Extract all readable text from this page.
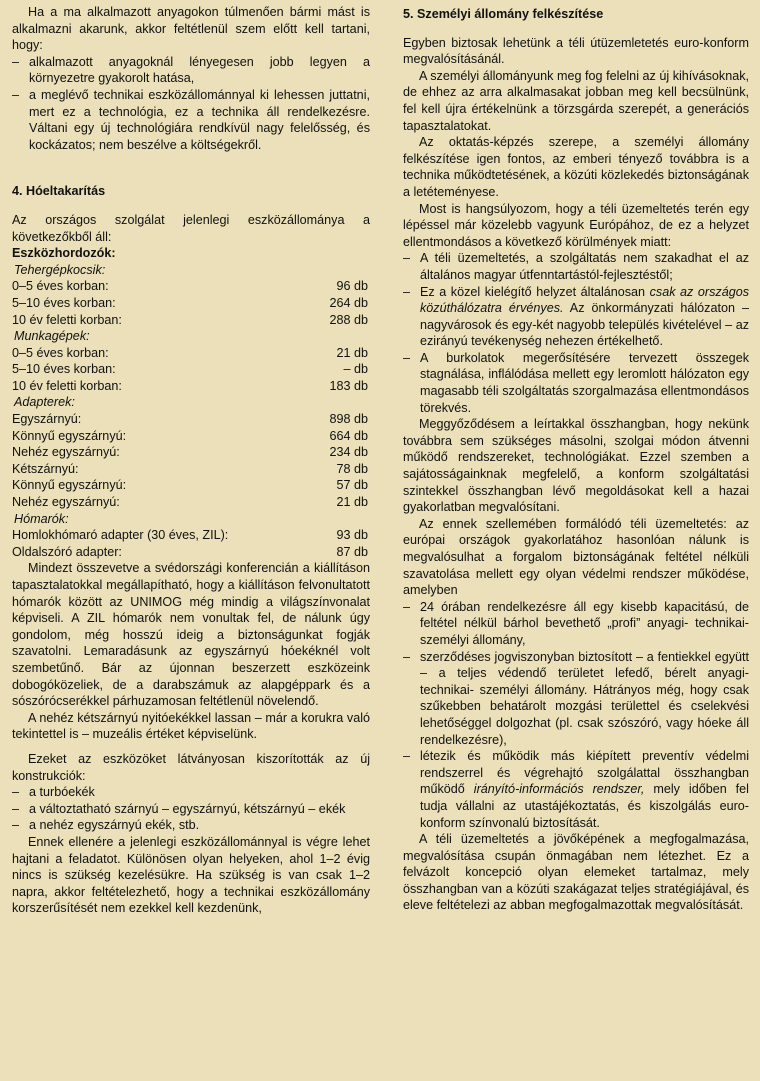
Ha a ma alkalmazott anyagokon túlmenően bármi mást is alkalmazni akarunk, akkor feltétlenül szem előtt kell tartani, hogy:

– alkalmazott anyagoknál lényegesen jobb legyen a környezetre gyakorolt hatása,
– a meglévő technikai eszközállománnyal ki lehessen juttatni, mert ez a technológia, ez a technika áll rendelkezésre. Váltani egy új technológiára rendkívül nagy felelősség, és kockázatos; nem beszélve a költségekről.
4. Hóeltakarítás

Az országos szolgálat jelenlegi eszközállománya a következőkből áll:

Eszközhordozók:
Tehergépkocsik:
0–5 éves korban:	96 db
5–10 éves korban:	264 db
10 év feletti korban:	288 db
Munkagépek:
0–5 éves korban:	21 db
5–10 éves korban:	– db
10 év feletti korban:	183 db
Adapterek:
Egyszárnyú:	898 db
Könnyű egyszárnyú:	664 db
Nehéz egyszárnyú:	234 db
Kétszárnyú:	78 db
Könnyű egyszárnyú:	57 db
Nehéz egyszárnyú:	21 db
Hómarók:
Homlokhómaró adapter (30 éves, ZIL):	93 db
Oldalszóró adapter:	87 db

Mindezt összevetve a svédországi konferencián a kiállításon tapasztalatokkal megállapítható, hogy a kiállításon felvonultatott hómarók között az UNIMOG még mindig a világszínvonalat képviseli. A ZIL hómarók nem vonultak fel, de nálunk úgy gondolom, még hosszú ideig a biztonságunkat fogják szavatolni. Lemaradásunk az egyszárnyú hóekéknél volt szembetűnő. Bár az újonnan beszerzett eszközeink dobogóközeliek, de a darabszámuk az alapgéppark és a sószórócserékkel párhuzamosan feltétlenül növelendő.

A nehéz kétszárnyú nyitóekékkel lassan – már a korukra való tekintettel is – muzeális értéket képviselünk.

Ezeket az eszközöket látványosan kiszorították az új konstrukciók:

– a turbóekék
– a változtatható szárnyú – egyszárnyú, kétszárnyú – ekék
– a nehéz egyszárnyú ekék, stb.

Ennek ellenére a jelenlegi eszközállománnyal is végre lehet hajtani a feladatot. Különösen olyan helyeken, ahol 1–2 évig nincs is szükség kezelésükre. Ha szükség is van csak 1–2 napra, akkor feltételezhető, hogy a technikai eszközállomány korszerűsítését nem ezekkel kell kezdenünk,

5. Személyi állomány felkészítése

Egyben biztosak lehetünk a téli útüzemletetés euro-konform megvalósításánál.

A személyi állományunk meg fog felelni az új kihívásoknak, de ehhez az arra alkalmasakat jobban meg kell becsülnünk, fel kell újra értékelnünk a törzsgárda szerepét, a generációs tapasztalatokat.

Az oktatás-képzés szerepe, a személyi állomány felkészítése igen fontos, az emberi tényező továbbra is a technika működtetésének, a közúti közlekedés biztonságának a letéteményese.

Most is hangsúlyozom, hogy a téli üzemeltetés terén egy lépéssel már közelebb vagyunk Európához, de ez a helyzet ellentmondásos a következő körülmények miatt:

– A téli üzemeltetés, a szolgáltatás nem szakadhat el az általános magyar útfenntartástól-fejlesztéstől;
– Ez a közel kielégítő helyzet általánosan csak az országos közúthálózatra érvényes. Az önkormányzati hálózaton – nagyvárosok és egy-két nagyobb település kivételével – az ezirányú tevékenység nehezen értékelhető.
– A burkolatok megerősítésére tervezett összegek stagnálása, inflálódása mellett egy leromlott hálózaton egy magasabb téli szolgáltatás szorgalmazása ellentmondásos törekvés.

Meggyőződésem a leírtakkal összhangban, hogy nekünk továbbra sem szükséges másolni, szolgai módon átvenni működő rendszereket, technológiákat. Ezzel szemben a sajátosságainknak megfelelő, a konform szolgáltatási szintekkel összhangban lévő megoldásokat kell a hazai gyakorlatban megvalósítani.

Az ennek szellemében formálódó téli üzemeltetés: az európai országok gyakorlatához hasonlóan nálunk is megvalósulhat a forgalom biztonságának feltétel nélküli szavatolása mellett egy olyan védelmi rendszer működése, amelyben

– 24 órában rendelkezésre áll egy kisebb kapacitású, de feltétel nélkül bárhol bevethető „profi” anyagi- technikai- személyi állomány,
– szerződéses jogviszonyban biztosított – a fentiekkel együtt – a teljes védendő területet lefedő, bérelt anyagi- technikai- személyi állomány. Hátrányos még, hogy csak szűkebben behatárolt mozgási területtel és cselekvési lehetőséggel dolgozhat (pl. csak szószóró, vagy hóeke áll rendelkezésre),
– létezik és működik más kiépített preventív védelmi rendszerrel és végrehajtó szolgálattal összhangban működő irányító-információs rendszer, mely időben fel tudja vállalni az utastájékoztatás, és kiszolgálás euro-konform színvonalú biztosítását.

A téli üzemeltetés a jövőképének a megfogalmazása, megvalósítása csupán önmagában nem létezhet. Ez a felvázolt koncepció olyan elemeket tartalmaz, mely összhangban van a közúti szakágazat teljes stratégiájával, és eleve feltételezi az abban megfogalmazottak megvalósítását.
